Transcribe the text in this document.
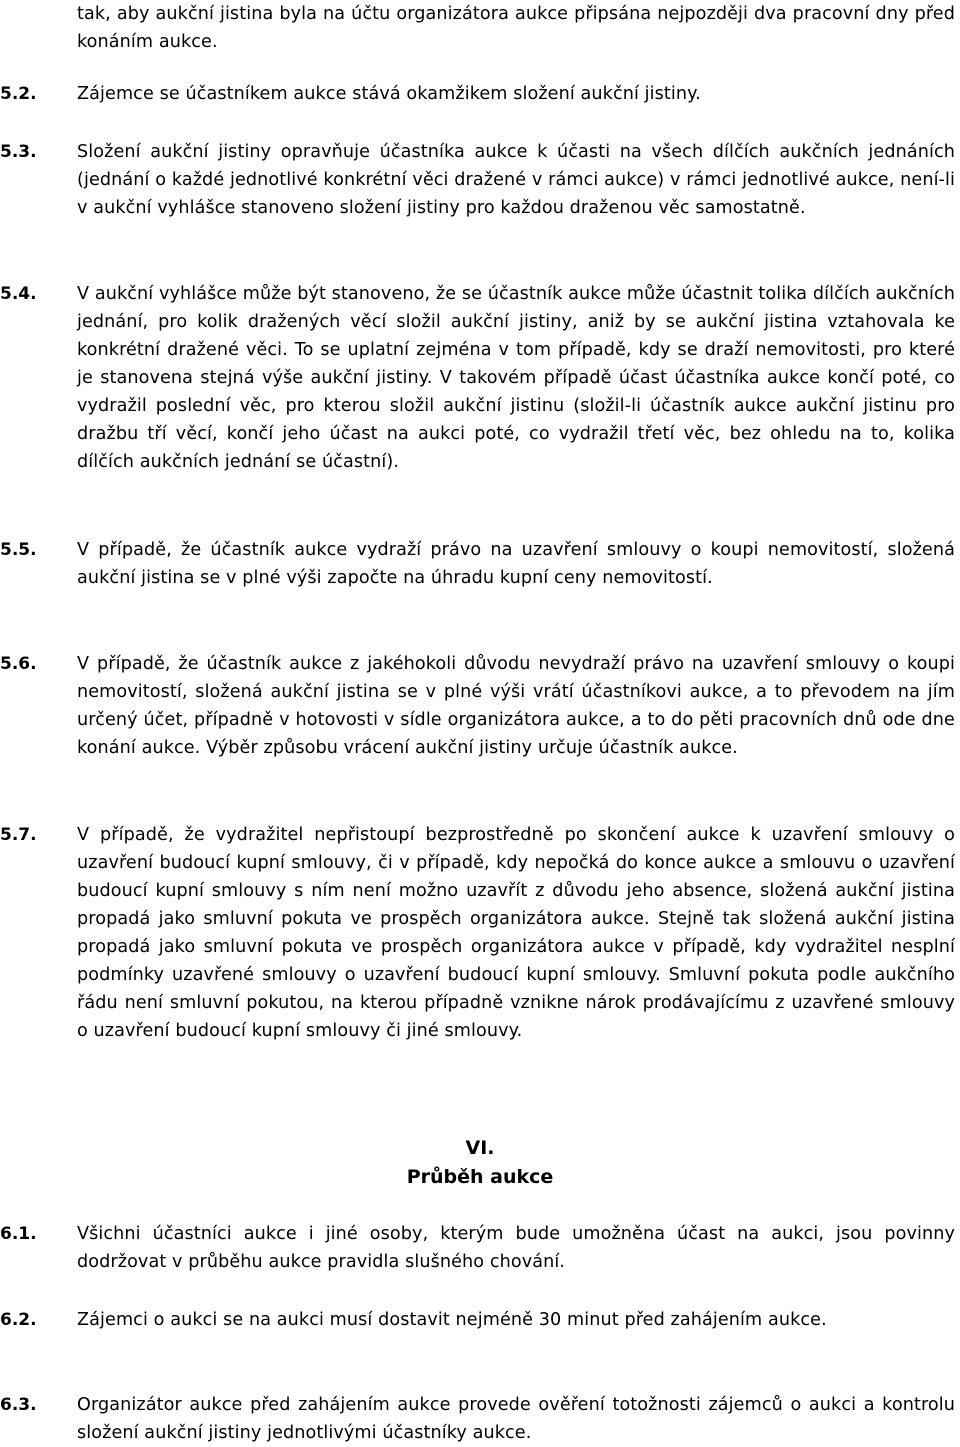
tak, aby aukční jistina byla na účtu organizátora aukce připsána nejpozději dva pracovní dny před konáním aukce.
5.2.	Zájemce se účastníkem aukce stává okamžikem složení aukční jistiny.
5.3.	Složení aukční jistiny opravňuje účastníka aukce k účasti na všech dílčích aukčních jednáních (jednání o každé jednotlivé konkrétní věci dražené v rámci aukce) v rámci jednotlivé aukce, není-li v aukční vyhlášce stanoveno složení jistiny pro každou draženou věc samostatně.
5.4.	V aukční vyhlášce může být stanoveno, že se účastník aukce může účastnit tolika dílčích aukčních jednání, pro kolik dražených věcí složil aukční jistiny, aniž by se aukční jistina vztahovala ke konkrétní dražené věci. To se uplatní zejména v tom případě, kdy se draží nemovitosti, pro které je stanovena stejná výše aukční jistiny. V takovém případě účast účastníka aukce končí poté, co vydražil poslední věc, pro kterou složil aukční jistinu (složil-li účastník aukce aukční jistinu pro dražbu tří věcí, končí jeho účast na aukci poté, co vydražil třetí věc, bez ohledu na to, kolika dílčích aukčních jednání se účastní).
5.5.	V případě, že účastník aukce vydraží právo na uzavření smlouvy o koupi nemovitostí, složená aukční jistina se v plné výši započte na úhradu kupní ceny nemovitostí.
5.6.	V případě, že účastník aukce z jakéhokoli důvodu nevydraží právo na uzavření smlouvy o koupi nemovitostí, složená aukční jistina se v plné výši vrátí účastníkovi aukce, a to převodem na jím určený účet, případně v hotovosti v sídle organizátora aukce, a to do pěti pracovních dnů ode dne konání aukce. Výběr způsobu vrácení aukční jistiny určuje účastník aukce.
5.7.	V případě, že vydražitel nepřistoupí bezprostředně po skončení aukce k uzavření smlouvy o uzavření budoucí kupní smlouvy, či v případě, kdy nepočká do konce aukce a smlouvu o uzavření budoucí kupní smlouvy s ním není možno uzavřít z důvodu jeho absence, složená aukční jistina propadá jako smluvní pokuta ve prospěch organizátora aukce. Stejně tak složená aukční jistina propadá jako smluvní pokuta ve prospěch organizátora aukce v případě, kdy vydražitel nesplní podmínky uzavřené smlouvy o uzavření budoucí kupní smlouvy. Smluvní pokuta podle aukčního řádu není smluvní pokutou, na kterou případně vznikne nárok prodávajícímu z uzavřené smlouvy o uzavření budoucí kupní smlouvy či jiné smlouvy.
VI.
Průběh aukce
6.1.	Všichni účastníci aukce i jiné osoby, kterým bude umožněna účast na aukci, jsou povinny dodržovat v průběhu aukce pravidla slušného chování.
6.2.	Zájemci o aukci se na aukci musí dostavit nejméně 30 minut před zahájením aukce.
6.3.	Organizátor aukce před zahájením aukce provede ověření totožnosti zájemců o aukci a kontrolu složení aukční jistiny jednotlivými účastníky aukce.
